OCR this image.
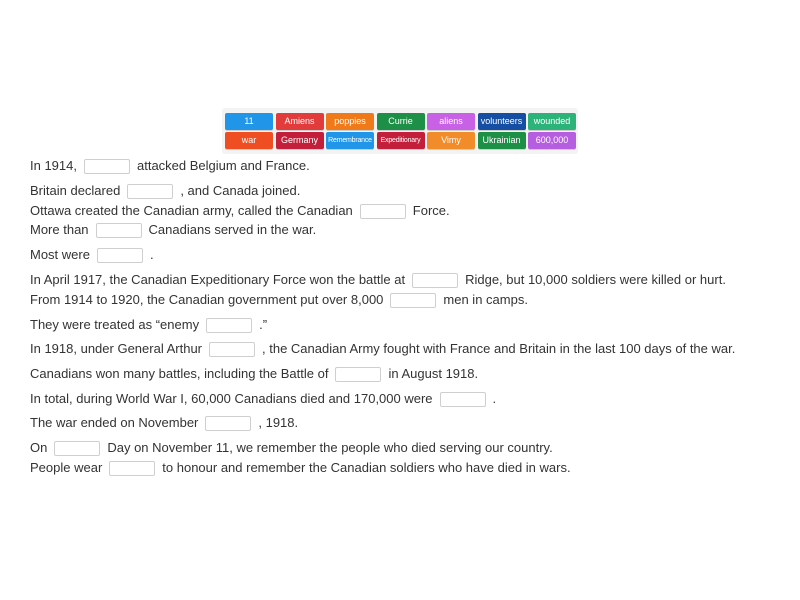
11	Amiens	poppies	Currie	aliens	volunteers	wounded
war	Germany	Remembrance	Expeditionary	Vimy	Ukrainian	600,000
In 1914,	attacked Belgium and France.
Britain declared	, and Canada joined.
Ottawa created the Canadian army, called the Canadian	Force.
More than	Canadians served in the war.
Most were	.
In April 1917, the Canadian Expeditionary Force won the battle at	Ridge, but 10,000 soldiers were killed or hurt.
From 1914 to 1920, the Canadian government put over 8,000	men in camps.
They were treated as “enemy	.”
In 1918, under General Arthur	, the Canadian Army fought with France and Britain in the last 100 days of the war.
Canadians won many battles, including the Battle of	in August 1918.
In total, during World War I, 60,000 Canadians died and 170,000 were	.
The war ended on November	, 1918.
On	Day on November 11, we remember the people who died serving our country.
People wear	to honour and remember the Canadian soldiers who have died in wars.
